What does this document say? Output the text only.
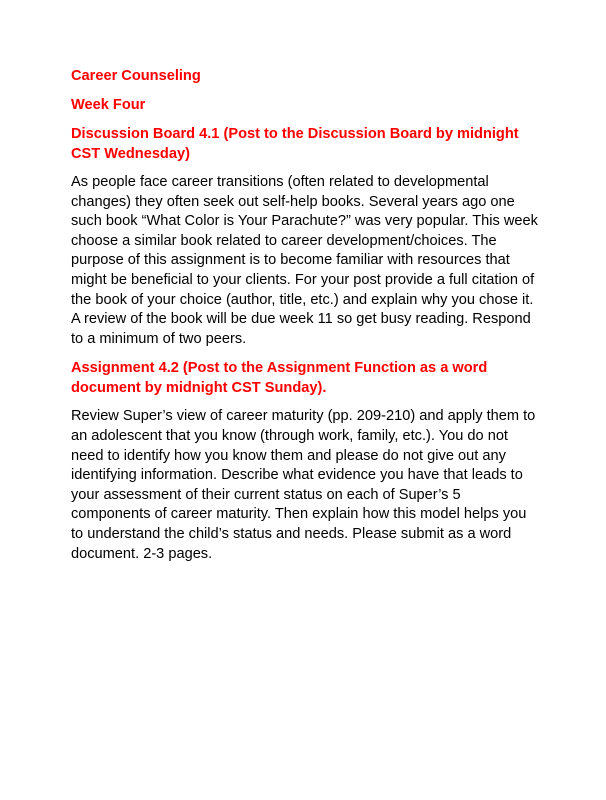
Career Counseling
Week Four
Discussion Board 4.1 (Post to the Discussion Board by midnight CST Wednesday)
As people face career transitions (often related to developmental changes) they often seek out self-help books. Several years ago one such book “What Color is Your Parachute?” was very popular. This week choose a similar book related to career development/choices. The purpose of this assignment is to become familiar with resources that might be beneficial to your clients. For your post provide a full citation of the book of your choice (author, title, etc.) and explain why you chose it. A review of the book will be due week 11 so get busy reading. Respond to a minimum of two peers.
Assignment 4.2 (Post to the Assignment Function as a word document by midnight CST Sunday).
Review Super’s view of career maturity (pp. 209-210) and apply them to an adolescent that you know (through work, family, etc.). You do not need to identify how you know them and please do not give out any identifying information. Describe what evidence you have that leads to your assessment of their current status on each of Super’s 5 components of career maturity. Then explain how this model helps you to understand the child’s status and needs. Please submit as a word document. 2-3 pages.
